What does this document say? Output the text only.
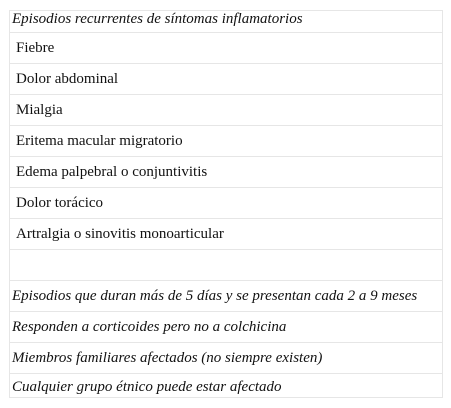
Episodios recurrentes de síntomas inflamatorios
Fiebre
Dolor abdominal
Mialgia
Eritema macular migratorio
Edema palpebral o conjuntivitis
Dolor torácico
Artralgia o sinovitis monoarticular
Episodios que duran más de 5 días y se presentan cada 2 a 9 meses
Responden a corticoides pero no a colchicina
Miembros familiares afectados (no siempre existen)
Cualquier grupo étnico puede estar afectado
